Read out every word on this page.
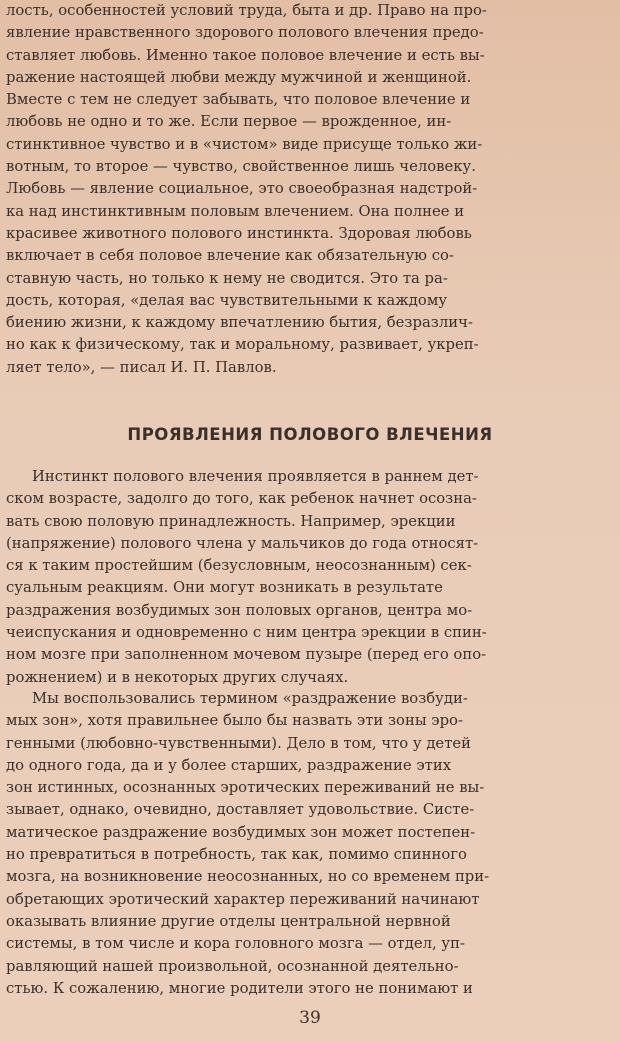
лость, особенностей условий труда, быта и др. Право на про-
явление нравственного здорового полового влечения предо-
ставляет любовь. Именно такое половое влечение и есть вы-
ражение настоящей любви между мужчиной и женщиной.
Вместе с тем не следует забывать, что половое влечение и
любовь не одно и то же. Если первое — врожденное, ин-
стинктивное чувство и в «чистом» виде присуще только жи-
вотным, то второе — чувство, свойственное лишь человеку.
Любовь — явление социальное, это своеобразная надстрой-
ка над инстинктивным половым влечением. Она полнее и
красивее животного полового инстинкта. Здоровая любовь
включает в себя половое влечение как обязательную со-
ставную часть, но только к нему не сводится. Это та ра-
дость, которая, «делая вас чувствительными к каждому
биению жизни, к каждому впечатлению бытия, безразлич-
но как к физическому, так и моральному, развивает, укреп-
ляет тело», — писал И. П. Павлов.
ПРОЯВЛЕНИЯ ПОЛОВОГО ВЛЕЧЕНИЯ
Инстинкт полового влечения проявляется в раннем дет-
ском возрасте, задолго до того, как ребенок начнет осозна-
вать свою половую принадлежность. Например, эрекции
(напряжение) полового члена у мальчиков до года относят-
ся к таким простейшим (безусловным, неосознанным) сек-
суальным реакциям. Они могут возникать в результате
раздражения возбудимых зон половых органов, центра мо-
чеиспускания и одновременно с ним центра эрекции в спин-
ном мозге при заполненном мочевом пузыре (перед его опо-
рожнением) и в некоторых других случаях.
Мы воспользовались термином «раздражение возбуди-
мых зон», хотя правильнее было бы назвать эти зоны эро-
генными (любовно-чувственными). Дело в том, что у детей
до одного года, да и у более старших, раздражение этих
зон истинных, осознанных эротических переживаний не вы-
зывает, однако, очевидно, доставляет удовольствие. Систе-
матическое раздражение возбудимых зон может постепен-
но превратиться в потребность, так как, помимо спинного
мозга, на возникновение неосознанных, но со временем при-
обретающих эротический характер переживаний начинают
оказывать влияние другие отделы центральной нервной
системы, в том числе и кора головного мозга — отдел, уп-
равляющий нашей произвольной, осознанной деятельно-
стью. К сожалению, многие родители этого не понимают и

39
